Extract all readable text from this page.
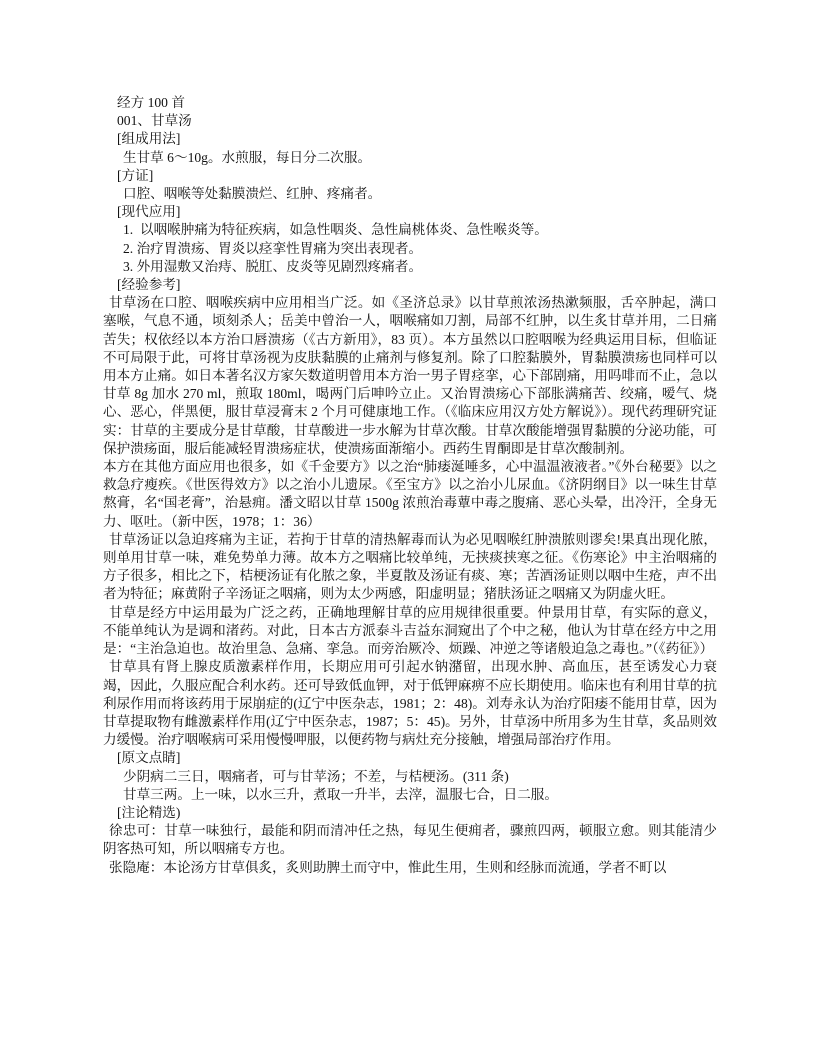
经方 100 首
001、甘草汤
[组成用法]
生甘草 6～10g。水煎服，每日分二次服。
[方证]
口腔、咽喉等处黏膜溃烂、红肿、疼痛者。
[现代应用]
1.  以咽喉肿痛为特征疾病，如急性咽炎、急性扁桃体炎、急性喉炎等。
2. 治疗胃溃疡、胃炎以痉挛性胃痛为突出表现者。
3. 外用湿敷又治痔、脱肛、皮炎等见剧烈疼痛者。
[经验参考]
甘草汤在口腔、咽喉疾病中应用相当广泛。如《圣济总录》以甘草煎浓汤热漱频服，舌卒肿起，满口塞喉，气息不通，顷刻杀人；岳美中曾治一人，咽喉痛如刀割，局部不红肿，以生炙甘草并用，二日痛苦失；权依经以本方治口唇溃疡（《古方新用》，83 页）。本方虽然以口腔咽喉为经典运用目标，但临证不可局限于此，可将甘草汤视为皮肤黏膜的止痛剂与修复剂。除了口腔黏膜外，胃黏膜溃疡也同样可以用本方止痛。如日本著名汉方家矢数道明曾用本方治一男子胃痉挛，心下部剧痛，用吗啡而不止，急以甘草 8g 加水 270 ml，煎取 180ml，喝两门后呻吟立止。又治胃溃疡心下部胀满痛苦、绞痛，嗳气、烧心、恶心，伴黑便，服甘草浸膏末 2 个月可健康地工作。（《临床应用汉方处方解说》）。现代药理研究证实：甘草的主要成分是甘草酸，甘草酸进一步水解为甘草次酸。甘草次酸能增强胃黏膜的分泌功能，可保护溃疡面，服后能减轻胃溃疡症状，使溃疡面渐缩小。西药生胃酮即是甘草次酸制剂。
本方在其他方面应用也很多，如《千金要方》以之治“肺痿涎唾多，心中温温液液者。”《外台秘要》以之救急疗瘦疾。《世医得效方》以之治小儿遗尿。《至宝方》以之治小儿尿血。《济阴纲目》以一味生甘草熬膏，名“国老膏”，治悬痈。潘文昭以甘草 1500g 浓煎治毒蕈中毒之腹痛、恶心头晕，出冷汗，全身无力、呕吐。（新中医，1978；1：36）
甘草汤证以急迫疼痛为主证，若拘于甘草的清热解毒而认为必见咽喉红肿溃脓则谬矣!果真出现化脓，则单用甘草一味，难免势单力薄。故本方之咽痛比较单纯，无挟痰挟寒之征。《伤寒论》中主治咽痛的方子很多，相比之下，桔梗汤证有化脓之象，半夏散及汤证有痰、寒；苦酒汤证则以咽中生疮，声不出者为特征；麻黄附子辛汤证之咽痛，则为太少两感，阳虚明显；猪肤汤证之咽痛又为阴虚火旺。
甘草是经方中运用最为广泛之药，正确地理解甘草的应用规律很重要。仲景用甘草，有实际的意义，不能单纯认为是调和渚药。对此，日本古方派泰斗吉益东洞窥出了个中之秘，他认为甘草在经方中之用是：“主治急迫也。故治里急、急痛、挛急。而旁治厥冷、烦躁、冲逆之等诸般迫急之毒也。”（《药征》）
甘草具有肾上腺皮质激素样作用，长期应用可引起水钠潴留，出现水肿、高血压，甚至诱发心力衰竭，因此，久服应配合利水药。还可导致低血钾，对于低钾麻痹不应长期使用。临床也有利用甘草的抗利尿作用而将该药用于尿崩症的(辽宁中医杂志，1981；2：48)。刘寿永认为治疗阳痿不能用甘草，因为甘草提取物有雌激素样作用(辽宁中医杂志，1987；5：45)。另外，甘草汤中所用多为生甘草，炙品则效力缓慢。治疗咽喉病可采用慢慢呷服，以便药物与病灶充分接触，增强局部治疗作用。
[原文点睛]
少阴病二三日，咽痛者，可与甘苹汤；不差，与桔梗汤。(311 条)
甘草三两。上一味，以水三升，煮取一升半，去滓，温服七合，日二服。
[注论精选)
徐忠可：甘草一味独行，最能和阴而清冲任之热，每见生便痈者，骤煎四两，顿服立愈。则其能清少阴客热可知，所以咽痛专方也。
张隐庵：本论汤方甘草俱炙，炙则助脾土而守中，惟此生用，生则和经脉而流通，学者不町以
